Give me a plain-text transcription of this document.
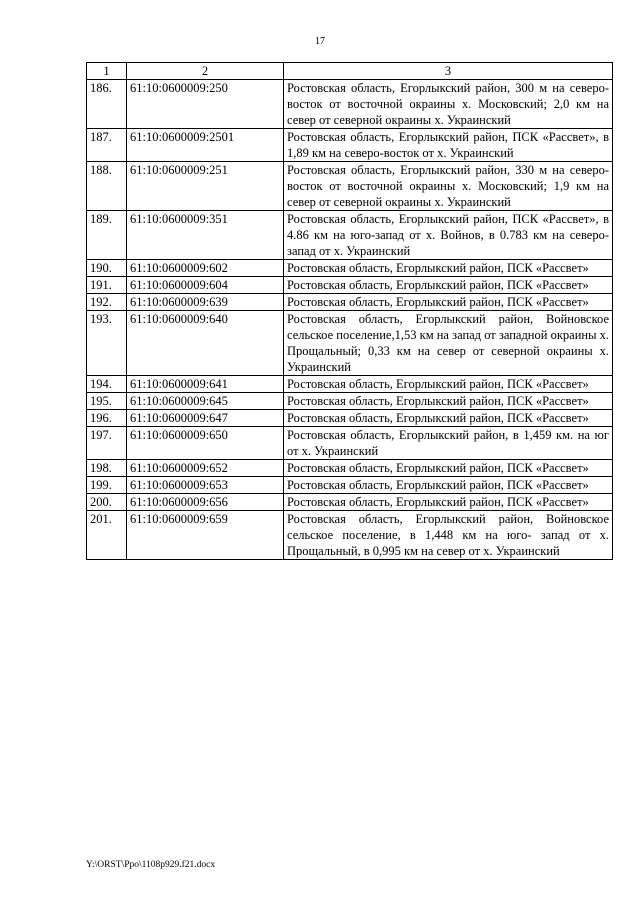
17
1	2	3
186.	61:10:0600009:250	Ростовская область, Егорлыкский район, 300 м на северо-восток от восточной окраины х. Московский; 2,0 км на север от северной окраины х. Украинский
187.	61:10:0600009:2501	Ростовская область, Егорлыкский район, ПСК «Рассвет», в 1,89 км на северо-восток от х. Украинский
188.	61:10:0600009:251	Ростовская область, Егорлыкский район, 330 м на северо-восток от восточной окраины х. Московский; 1,9 км на север от северной окраины х. Украинский
189.	61:10:0600009:351	Ростовская область, Егорлыкский район, ПСК «Рассвет», в 4.86 км на юго-запад от х. Войнов, в 0.783 км на северо-запад от х. Украинский
190.	61:10:0600009:602	Ростовская область, Егорлыкский район, ПСК «Рассвет»
191.	61:10:0600009:604	Ростовская область, Егорлыкский район, ПСК «Рассвет»
192.	61:10:0600009:639	Ростовская область, Егорлыкский район, ПСК «Рассвет»
193.	61:10:0600009:640	Ростовская область, Егорлыкский район, Войновское сельское поселение,1,53 км на запад от западной окраины х. Прощальный; 0,33 км на север от северной окраины х. Украинский
194.	61:10:0600009:641	Ростовская область, Егорлыкский район, ПСК «Рассвет»
195.	61:10:0600009:645	Ростовская область, Егорлыкский район, ПСК «Рассвет»
196.	61:10:0600009:647	Ростовская область, Егорлыкский район, ПСК «Рассвет»
197.	61:10:0600009:650	Ростовская область, Егорлыкский район, в 1,459 км. на юг от х. Украинский
198.	61:10:0600009:652	Ростовская область, Егорлыкский район, ПСК «Рассвет»
199.	61:10:0600009:653	Ростовская область, Егорлыкский район, ПСК «Рассвет»
200.	61:10:0600009:656	Ростовская область, Егорлыкский район, ПСК «Рассвет»
201.	61:10:0600009:659	Ростовская область, Егорлыкский район, Войновское сельское поселение, в 1,448 км на юго- запад от х. Прощальный, в 0,995 км на север от х. Украинский
Y:\ORST\Ppo\1108p929.f21.docx
